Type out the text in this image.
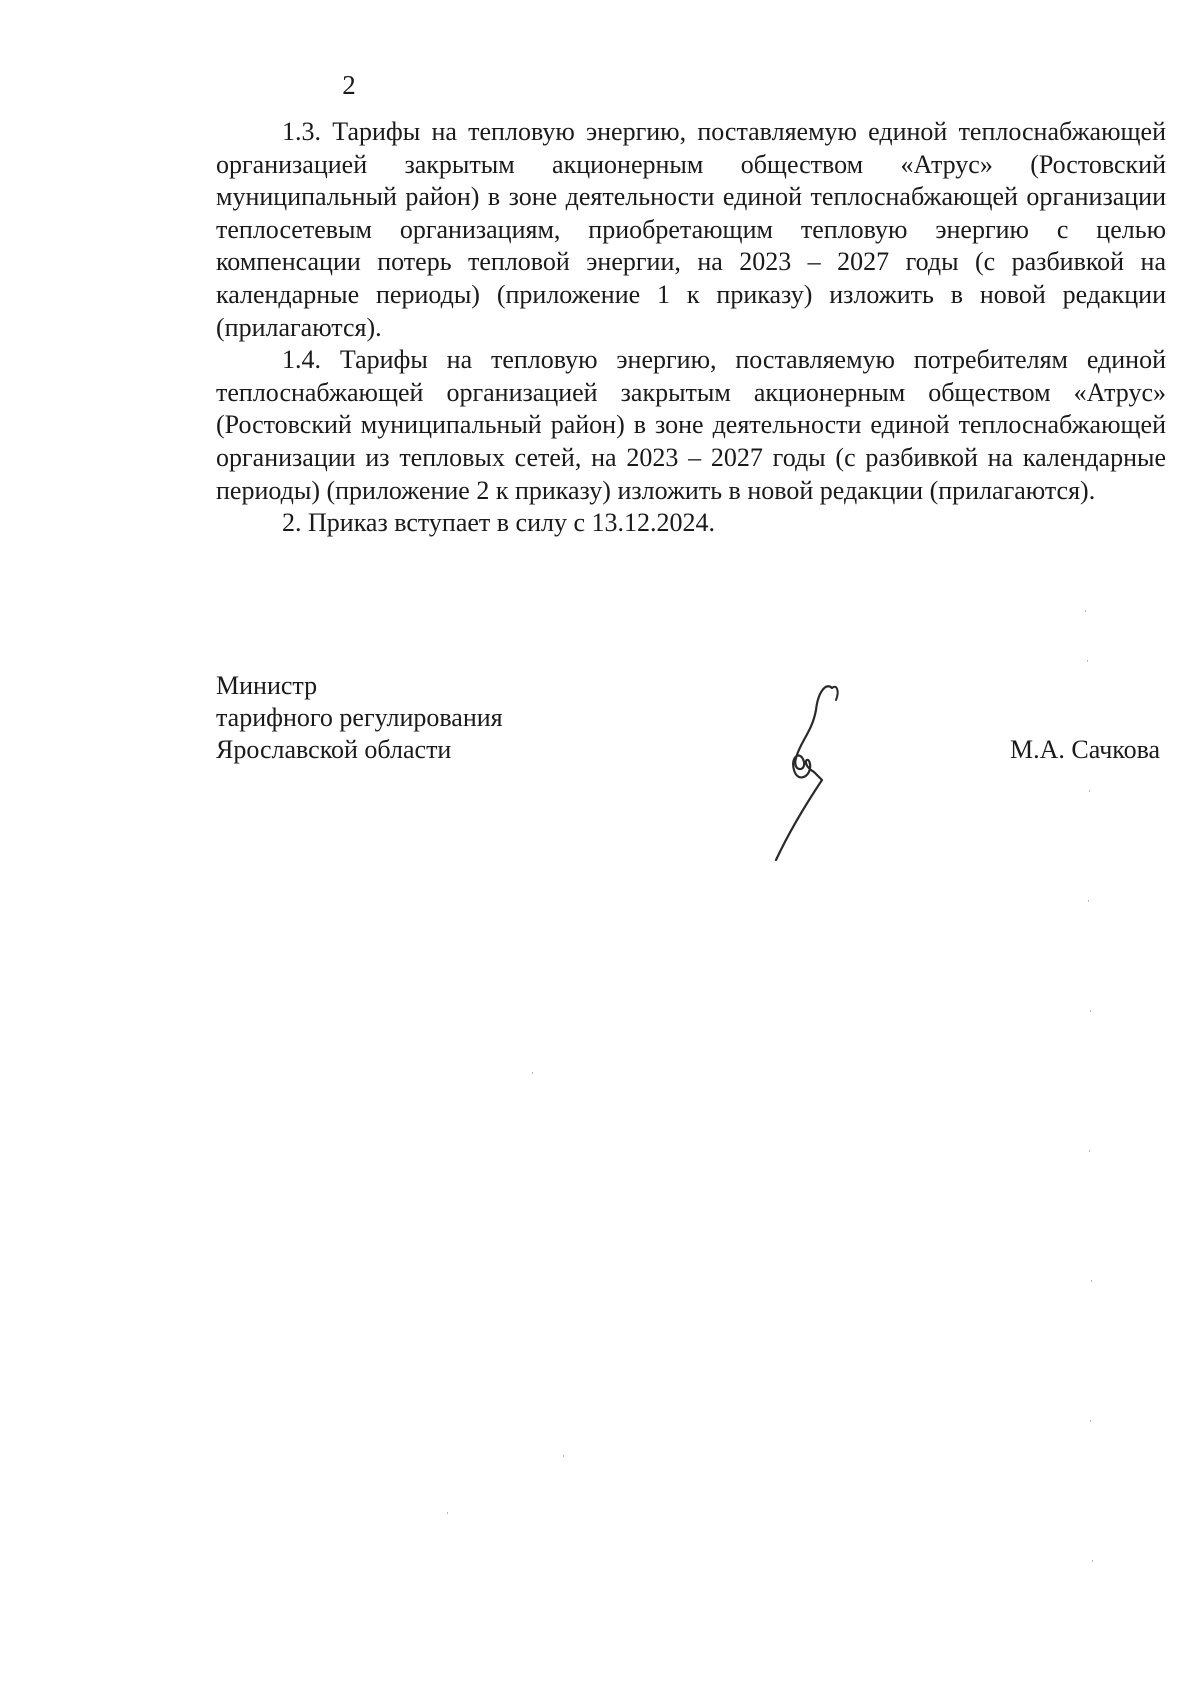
2

1.3. Тарифы на тепловую энергию, поставляемую единой теплоснабжающей организацией закрытым акционерным обществом «Атрус» (Ростовский муниципальный район) в зоне деятельности единой теплоснабжающей организации теплосетевым организациям, приобретающим тепловую энергию с целью компенсации потерь тепловой энергии, на 2023 – 2027 годы (с разбивкой на календарные периоды) (приложение 1 к приказу) изложить в новой редакции (прилагаются).

1.4. Тарифы на тепловую энергию, поставляемую потребителям единой теплоснабжающей организацией закрытым акционерным обществом «Атрус» (Ростовский муниципальный район) в зоне деятельности единой теплоснабжающей организации из тепловых сетей, на 2023 – 2027 годы (с разбивкой на календарные периоды) (приложение 2 к приказу) изложить в новой редакции (прилагаются).

2. Приказ вступает в силу с 13.12.2024.

Министр
тарифного регулирования
Ярославской области	М.А. Сачкова
